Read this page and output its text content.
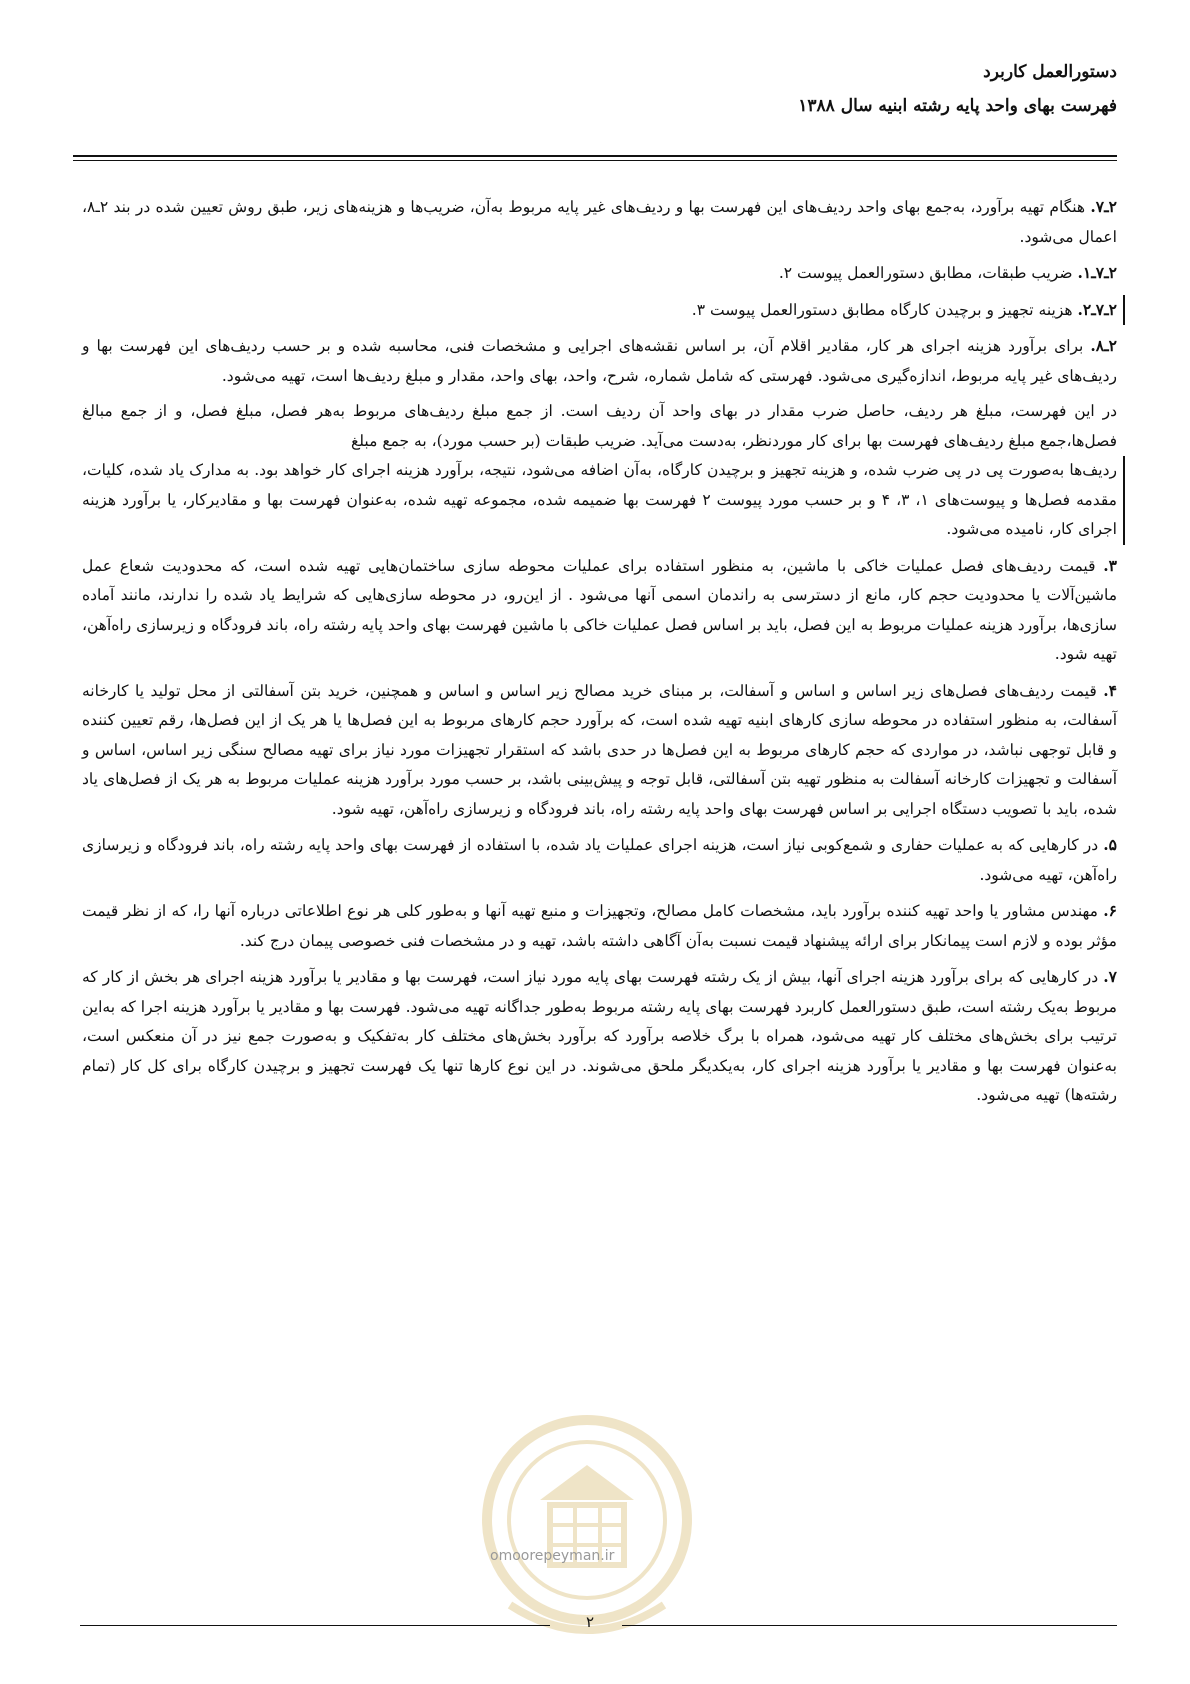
دستورالعمل کاربرد
فهرست بهای واحد پایه رشته ابنیه سال ۱۳۸۸

۲ـ۷. هنگام تهیه برآورد، به‌جمع بهای واحد ردیف‌های این فهرست بها و ردیف‌های غیر پایه مربوط به‌آن، ضریب‌ها و هزینه‌های زیر، طبق روش تعیین شده در بند ۲ـ۸، اعمال می‌شود.

۲ـ۷ـ۱. ضریب طبقات، مطابق دستورالعمل پیوست ۲.

۲ـ۷ـ۲. هزینه تجهیز و برچیدن کارگاه مطابق دستورالعمل پیوست ۳.

۲ـ۸. برای برآورد هزینه اجرای هر کار، مقادیر اقلام آن، بر اساس نقشه‌های اجرایی و مشخصات فنی، محاسبه شده و بر حسب ردیف‌های این فهرست بها و ردیف‌های غیر پایه مربوط، اندازه‌گیری می‌شود. فهرستی که شامل شماره، شرح، واحد، بهای واحد، مقدار و مبلغ ردیف‌ها است، تهیه می‌شود.

در این فهرست، مبلغ هر ردیف، حاصل ضرب مقدار در بهای واحد آن ردیف است. از جمع مبلغ ردیف‌های مربوط به‌هر فصل، مبلغ فصل، و از جمع مبالغ فصل‌ها،جمع مبلغ ردیف‌های فهرست بها برای کار موردنظر، به‌دست می‌آید. ضریب طبقات (بر حسب مورد)، به جمع مبلغ

ردیف‌ها به‌صورت پی در پی ضرب شده، و هزینه تجهیز و برچیدن کارگاه، به‌آن اضافه می‌شود، نتیجه، برآورد هزینه اجرای کار خواهد بود. به مدارک یاد شده، کلیات، مقدمه فصل‌ها و پیوست‌های ۱، ۳، ۴ و بر حسب مورد پیوست ۲ فهرست بها ضمیمه شده، مجموعه تهیه شده، به‌عنوان فهرست بها و مقادیرکار، یا برآورد هزینه اجرای کار، نامیده می‌شود.

۳. قیمت ردیف‌های فصل عملیات خاکی با ماشین، به منظور استفاده برای عملیات محوطه سازی ساختمان‌هایی تهیه شده است، که محدودیت شعاع عمل ماشین‌آلات یا محدودیت حجم کار، مانع از دسترسی به راندمان اسمی آنها می‌شود . از این‌رو، در محوطه سازی‌هایی که شرایط یاد شده را ندارند، مانند آماده سازی‌ها، برآورد هزینه عملیات مربوط به این فصل، باید بر اساس فصل عملیات خاکی با ماشین فهرست بهای واحد پایه رشته راه، باند فرودگاه و زیرسازی راه‌آهن، تهیه شود.

۴. قیمت ردیف‌های فصل‌های زیر اساس و اساس و آسفالت، بر مبنای خرید مصالح زیر اساس و اساس و همچنین، خرید بتن آسفالتی از محل تولید یا کارخانه آسفالت، به منظور استفاده در محوطه سازی کارهای ابنیه تهیه شده است، که برآورد حجم کارهای مربوط به این فصل‌ها یا هر یک از این فصل‌ها، رقم تعیین کننده و قابل توجهی نباشد، در مواردی که حجم کارهای مربوط به این فصل‌ها در حدی باشد که استقرار تجهیزات مورد نیاز برای تهیه مصالح سنگی زیر اساس، اساس و آسفالت و تجهیزات کارخانه آسفالت به منظور تهیه بتن آسفالتی، قابل توجه و پیش‌بینی باشد، بر حسب مورد برآورد هزینه عملیات مربوط به هر یک از فصل‌های یاد شده، باید با تصویب دستگاه اجرایی بر اساس فهرست بهای واحد پایه رشته راه، باند فرودگاه و زیرسازی راه‌آهن، تهیه شود.

۵. در کارهایی که به عملیات حفاری و شمع‌کوبی نیاز است، هزینه اجرای عملیات یاد شده، با استفاده از فهرست بهای واحد پایه رشته راه، باند فرودگاه و زیرسازی راه‌آهن، تهیه می‌شود.

۶. مهندس مشاور یا واحد تهیه کننده برآورد باید، مشخصات کامل مصالح، وتجهیزات و منبع تهیه آنها و به‌طور کلی هر نوع اطلاعاتی درباره آنها را، که از نظر قیمت مؤثر بوده و لازم است پیمانکار برای ارائه پیشنهاد قیمت نسبت به‌آن آگاهی داشته باشد، تهیه و در مشخصات فنی خصوصی پیمان درج کند.

۷. در کارهایی که برای برآورد هزینه اجرای آنها، بیش از یک رشته فهرست بهای پایه مورد نیاز است، فهرست بها و مقادیر یا برآورد هزینه اجرای هر بخش از کار که مربوط به‌یک رشته است، طبق دستورالعمل کاربرد فهرست بهای پایه رشته مربوط به‌طور جداگانه تهیه می‌شود. فهرست بها و مقادیر یا برآورد هزینه اجرا که به‌این ترتیب برای بخش‌های مختلف کار تهیه می‌شود، همراه با برگ خلاصه برآورد که برآورد بخش‌های مختلف کار به‌تفکیک و به‌صورت جمع نیز در آن منعکس است، به‌عنوان فهرست بها و مقادیر یا برآورد هزینه اجرای کار، به‌یکدیگر ملحق می‌شوند. در این نوع کارها تنها یک فهرست تجهیز و برچیدن کارگاه برای کل کار (تمام رشته‌ها) تهیه می‌شود.

omoorepeyman.ir
۲
